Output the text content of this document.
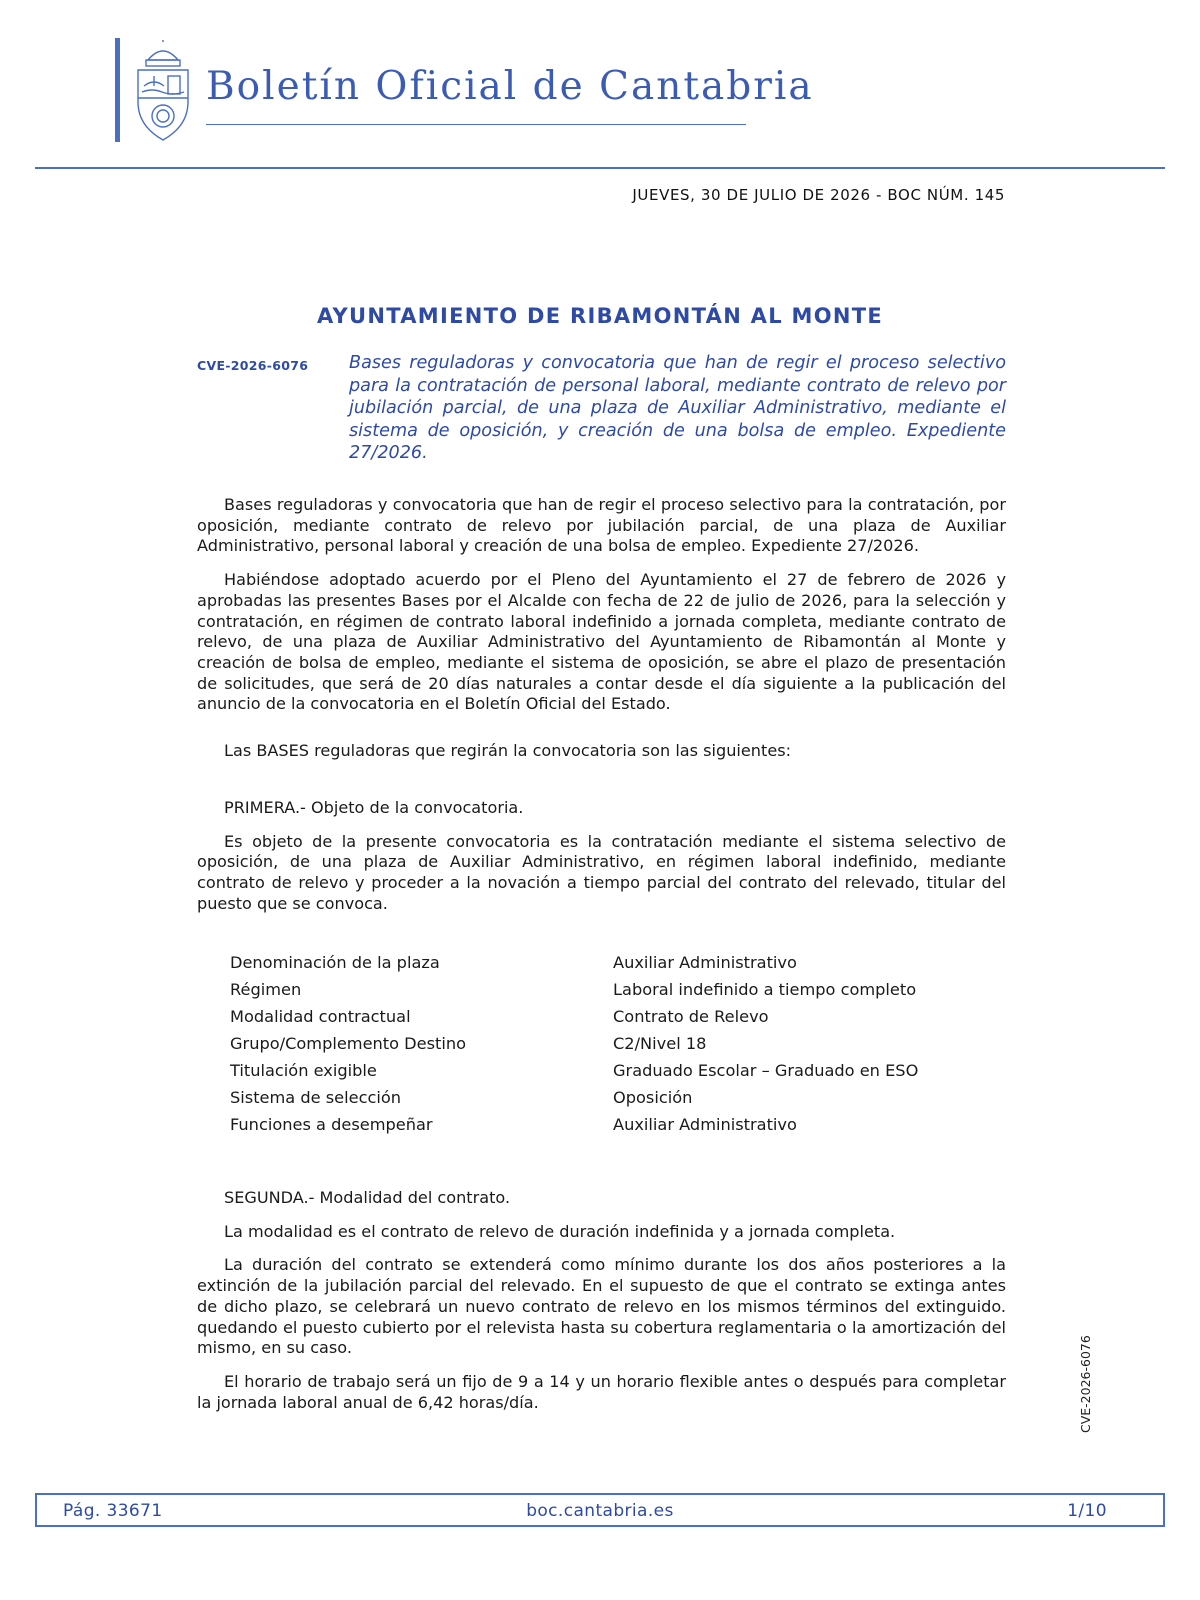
Boletín Oficial de Cantabria
JUEVES, 30 DE JULIO DE 2026 - BOC NÚM. 145
AYUNTAMIENTO DE RIBAMONTÁN AL MONTE
CVE-2026-6076 Bases reguladoras y convocatoria que han de regir el proceso selectivo para la contratación de personal laboral, mediante contrato de relevo por jubilación parcial, de una plaza de Auxiliar Administrativo, mediante el sistema de oposición, y creación de una bolsa de empleo. Expediente 27/2026.

Bases reguladoras y convocatoria que han de regir el proceso selectivo para la contratación, por oposición, mediante contrato de relevo por jubilación parcial, de una plaza de Auxiliar Administrativo, personal laboral y creación de una bolsa de empleo. Expediente 27/2026.

Habiéndose adoptado acuerdo por el Pleno del Ayuntamiento el 27 de febrero de 2026 y aprobadas las presentes Bases por el Alcalde con fecha de 22 de julio de 2026, para la selección y contratación, en régimen de contrato laboral indefinido a jornada completa, mediante contrato de relevo, de una plaza de Auxiliar Administrativo del Ayuntamiento de Ribamontán al Monte y creación de bolsa de empleo, mediante el sistema de oposición, se abre el plazo de presentación de solicitudes, que será de 20 días naturales a contar desde el día siguiente a la publicación del anuncio de la convocatoria en el Boletín Oficial del Estado.

Las BASES reguladoras que regirán la convocatoria son las siguientes:

PRIMERA.- Objeto de la convocatoria.

Es objeto de la presente convocatoria es la contratación mediante el sistema selectivo de oposición, de una plaza de Auxiliar Administrativo, en régimen laboral indefinido, mediante contrato de relevo y proceder a la novación a tiempo parcial del contrato del relevado, titular del puesto que se convoca.

Denominación de la plaza	Auxiliar Administrativo
Régimen	Laboral indefinido a tiempo completo
Modalidad contractual	Contrato de Relevo
Grupo/Complemento Destino	C2/Nivel 18
Titulación exigible	Graduado Escolar – Graduado en ESO
Sistema de selección	Oposición
Funciones a desempeñar	Auxiliar Administrativo

SEGUNDA.- Modalidad del contrato.

La modalidad es el contrato de relevo de duración indefinida y a jornada completa.

La duración del contrato se extenderá como mínimo durante los dos años posteriores a la extinción de la jubilación parcial del relevado. En el supuesto de que el contrato se extinga antes de dicho plazo, se celebrará un nuevo contrato de relevo en los mismos términos del extinguido. quedando el puesto cubierto por el relevista hasta su cobertura reglamentaria o la amortización del mismo, en su caso.

El horario de trabajo será un fijo de 9 a 14 y un horario flexible antes o después para completar la jornada laboral anual de 6,42 horas/día.	CVE-2026-6076
Pág. 33671	boc.cantabria.es	1/10
